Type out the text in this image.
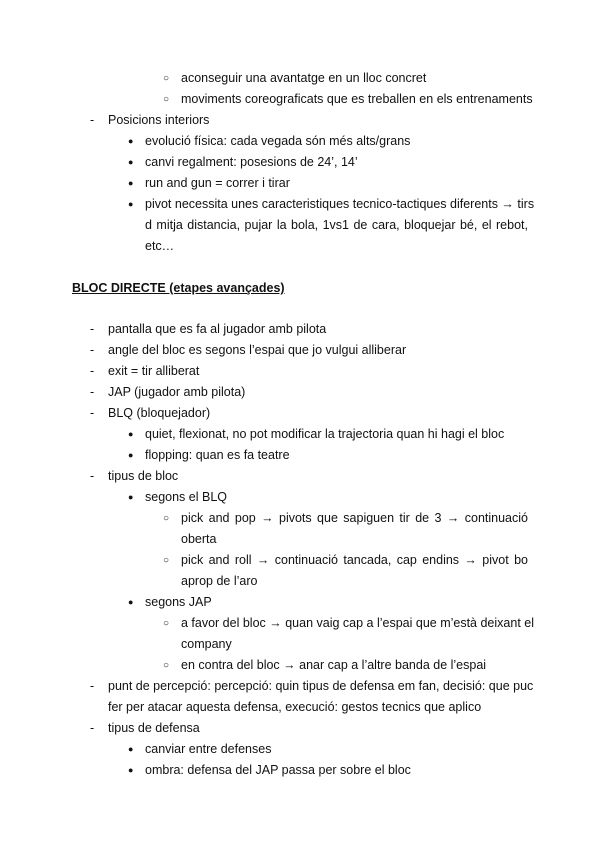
○ aconseguir una avantatge en un lloc concret
○ moviments coreograficats que es treballen en els entrenaments
- Posicions interiors
● evolució física: cada vegada són més alts/grans
● canvi regalment: posesions de 24’, 14’
● run and gun = correr i tirar
● pivot necessita unes caracteristiques tecnico-tactiques diferents → tirs
d mitja distancia, pujar la bola, 1vs1 de cara, bloquejar bé, el rebot,
etc…
BLOC DIRECTE (etapes avançades)
- pantalla que es fa al jugador amb pilota
- angle del bloc es segons l’espai que jo vulgui alliberar
- exit = tir alliberat
- JAP (jugador amb pilota)
- BLQ (bloquejador)
● quiet, flexionat, no pot modificar la trajectoria quan hi hagi el bloc
● flopping: quan es fa teatre
- tipus de bloc
● segons el BLQ
○ pick and pop → pivots que sapiguen tir de 3 → continuació
oberta
○ pick and roll → continuació tancada, cap endins → pivot bo
aprop de l’aro
● segons JAP
○ a favor del bloc → quan vaig cap a l’espai que m’està deixant el
company
○ en contra del bloc → anar cap a l’altre banda de l’espai
- punt de percepció: percepció: quin tipus de defensa em fan, decisió: que puc
fer per atacar aquesta defensa, execució: gestos tecnics que aplico
- tipus de defensa
● canviar entre defenses
● ombra: defensa del JAP passa per sobre el bloc
